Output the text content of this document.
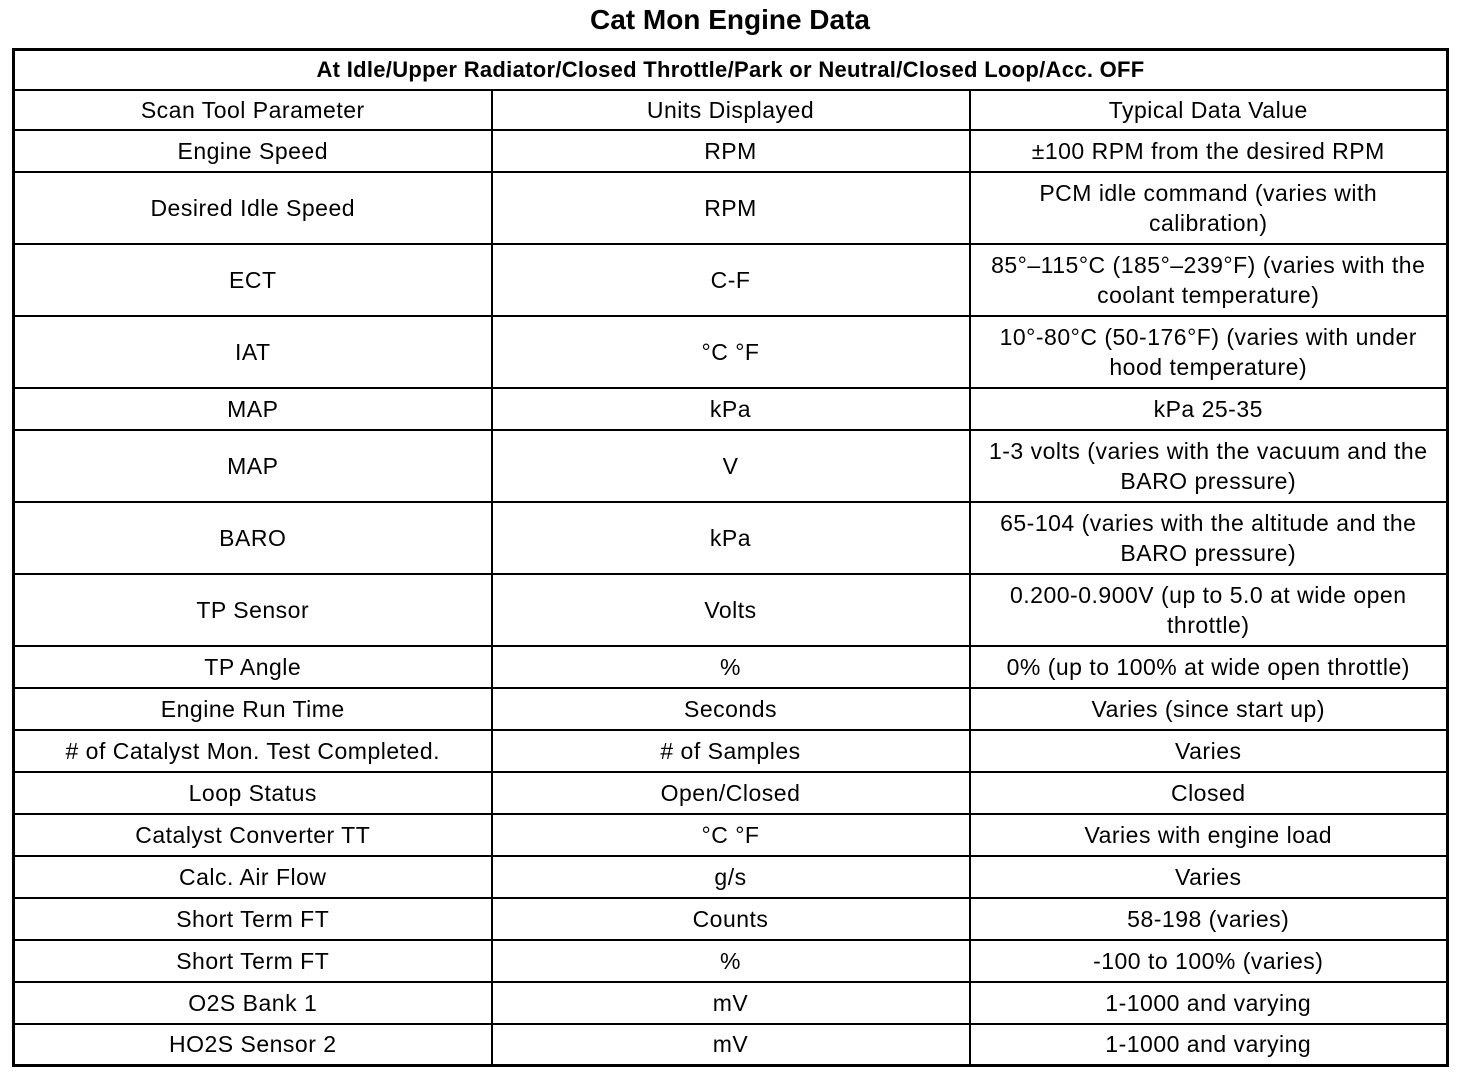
Cat Mon Engine Data
At Idle/Upper Radiator/Closed Throttle/Park or Neutral/Closed Loop/Acc. OFF		
Scan Tool Parameter	Units Displayed	Typical Data Value
Engine Speed	RPM	±100 RPM from the desired RPM
Desired Idle Speed	RPM	PCM idle command (varies with calibration)
ECT	C-F	85°–115°C (185°–239°F) (varies with the coolant temperature)
IAT	°C °F	10°-80°C (50-176°F) (varies with under hood temperature)
MAP	kPa	kPa 25-35
MAP	V	1-3 volts (varies with the vacuum and the BARO pressure)
BARO	kPa	65-104 (varies with the altitude and the BARO pressure)
TP Sensor	Volts	0.200-0.900V (up to 5.0 at wide open throttle)
TP Angle	%	0% (up to 100% at wide open throttle)
Engine Run Time	Seconds	Varies (since start up)
# of Catalyst Mon. Test Completed.	# of Samples	Varies
Loop Status	Open/Closed	Closed
Catalyst Converter TT	°C °F	Varies with engine load
Calc. Air Flow	g/s	Varies
Short Term FT	Counts	58-198 (varies)
Short Term FT	%	-100 to 100% (varies)
O2S Bank 1	mV	1-1000 and varying
HO2S Sensor 2	mV	1-1000 and varying
